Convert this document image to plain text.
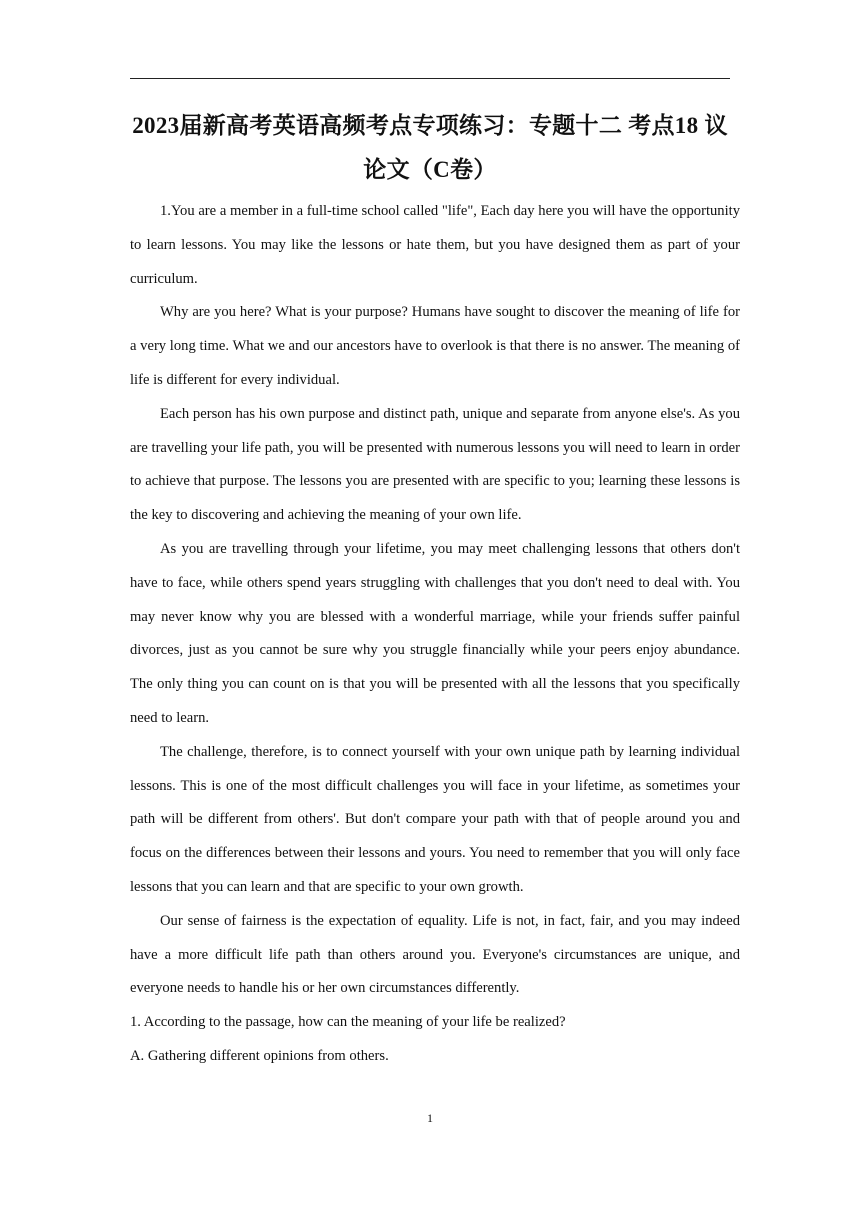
2023届新高考英语高频考点专项练习：专题十二 考点18 议论文（C卷）

1.You are a member in a full-time school called "life", Each day here you will have the opportunity to learn lessons. You may like the lessons or hate them, but you have designed them as part of your curriculum.

Why are you here? What is your purpose? Humans have sought to discover the meaning of life for a very long time. What we and our ancestors have to overlook is that there is no answer. The meaning of life is different for every individual.

Each person has his own purpose and distinct path, unique and separate from anyone else's. As you are travelling your life path, you will be presented with numerous lessons you will need to learn in order to achieve that purpose. The lessons you are presented with are specific to you; learning these lessons is the key to discovering and achieving the meaning of your own life.

As you are travelling through your lifetime, you may meet challenging lessons that others don't have to face, while others spend years struggling with challenges that you don't need to deal with. You may never know why you are blessed with a wonderful marriage, while your friends suffer painful divorces, just as you cannot be sure why you struggle financially while your peers enjoy abundance. The only thing you can count on is that you will be presented with all the lessons that you specifically need to learn.

The challenge, therefore, is to connect yourself with your own unique path by learning individual lessons. This is one of the most difficult challenges you will face in your lifetime, as sometimes your path will be different from others'. But don't compare your path with that of people around you and focus on the differences between their lessons and yours. You need to remember that you will only face lessons that you can learn and that are specific to your own growth.

Our sense of fairness is the expectation of equality. Life is not, in fact, fair, and you may indeed have a more difficult life path than others around you. Everyone's circumstances are unique, and everyone needs to handle his or her own circumstances differently.

1. According to the passage, how can the meaning of your life be realized?

A. Gathering different opinions from others.

1
